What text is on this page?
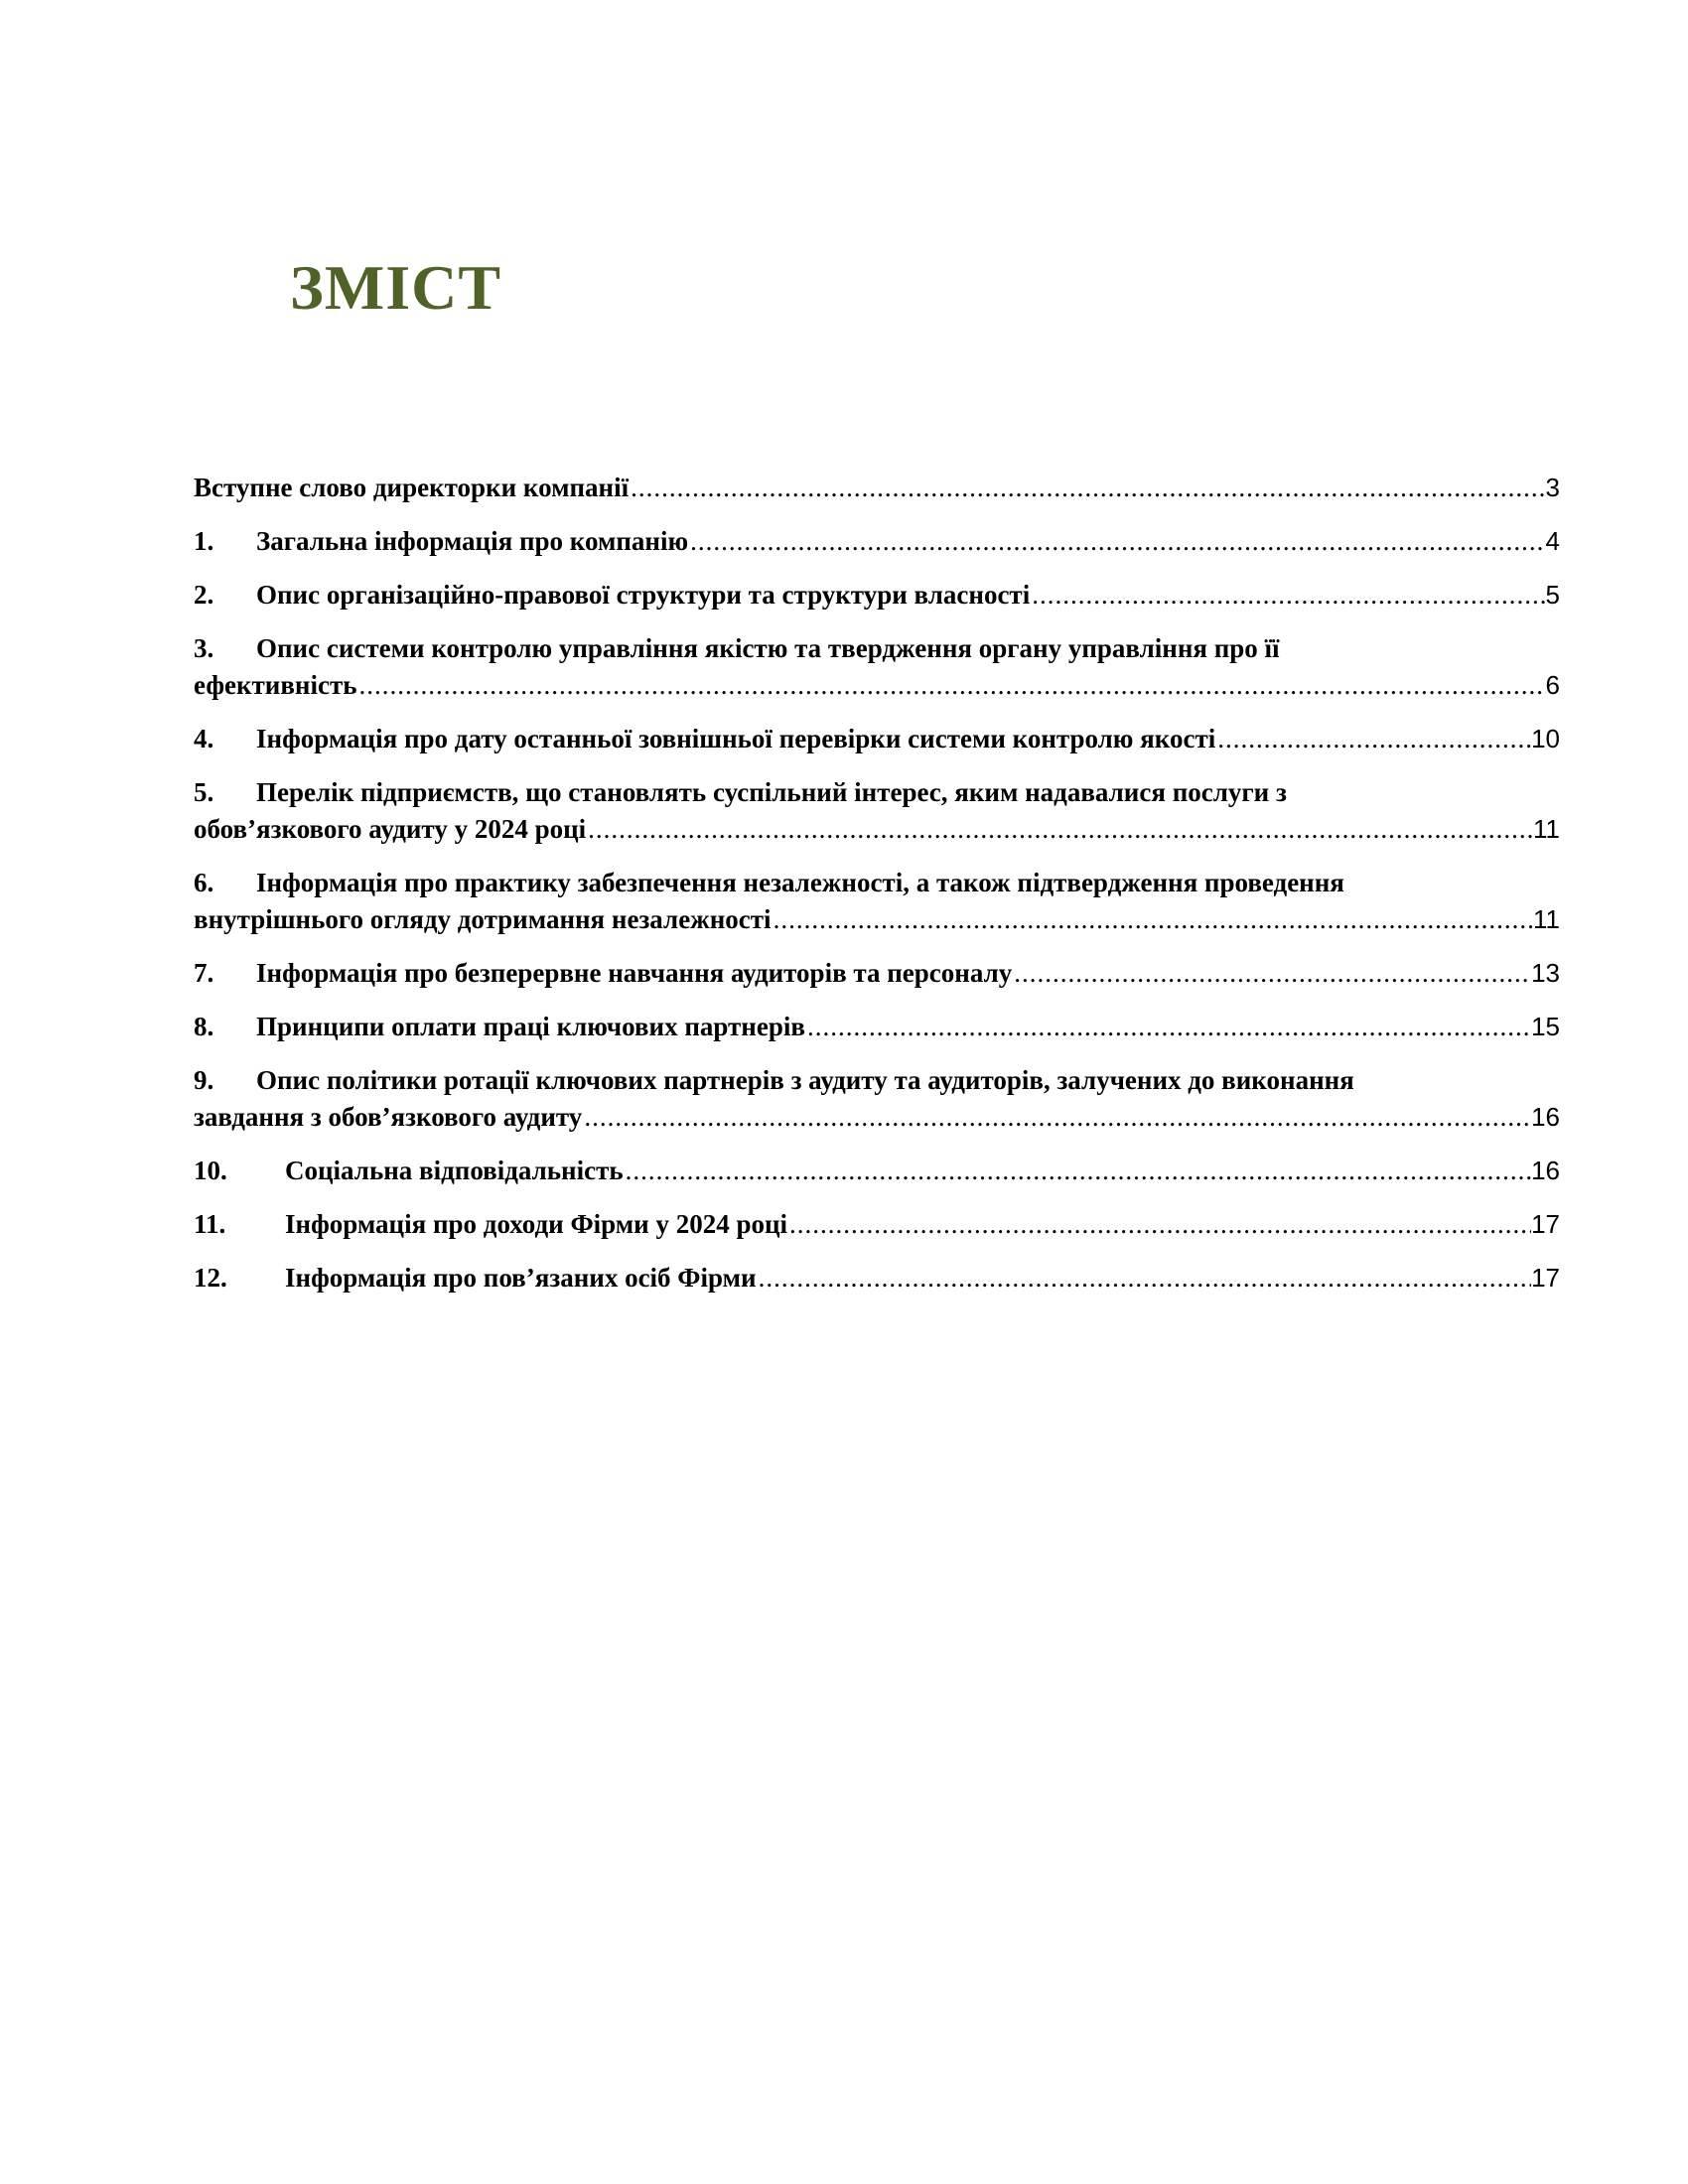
ЗМІСТ
Вступне слово директорки компанії .....	3
1.	Загальна інформація про компанію .....	4
2.	Опис організаційно-правової структури та структури власності .....	5
3.	Опис системи контролю управління якістю та твердження органу управління про її
ефективність .....	6
4.	Інформація про дату останньої зовнішньої перевірки системи контролю якості .....	10
5.	Перелік підприємств, що становлять суспільний інтерес, яким надавалися послуги з
обов’язкового аудиту у 2024 році .....	11
6.	Інформація про практику забезпечення незалежності, а також підтвердження проведення
внутрішнього огляду дотримання незалежності .....	11
7.	Інформація про безперервне навчання аудиторів та персоналу .....	13
8.	Принципи оплати праці ключових партнерів .....	15
9.	Опис політики ротації ключових партнерів з аудиту та аудиторів, залучених до виконання
завдання з обов’язкового аудиту .....	16
10.	Соціальна відповідальність .....	16
11.	Інформація про доходи Фірми у 2024 році .....	17
12.	Інформація про пов’язаних осіб Фірми .....	17
